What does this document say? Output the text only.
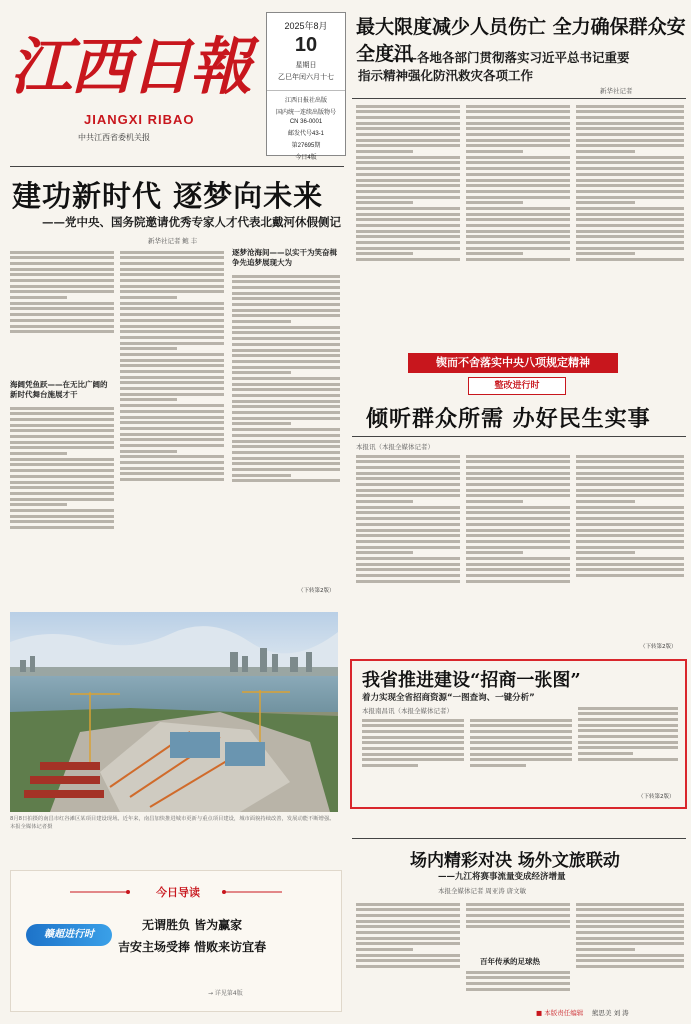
江西日報
JIANGXI RIBAO
中共江西省委机关报
2025年8月
10
星期日
乙巳年闰六月十七
江西日报社出版
国内统一连续出版物号
CN 36-0001
邮发代号43-1
第27695期
今日4版
最大限度减少人员伤亡 全力确保群众安全度汛
——各地各部门贯彻落实习近平总书记重要
指示精神强化防汛救灾各项工作
新华社记者
建功新时代 逐梦向未来
——党中央、国务院邀请优秀专家人才代表北戴河休假侧记
新华社记者 鲍 丰
海阔凭鱼跃——在无比广阔的新时代舞台施展才干
逐梦沧海间——以实干为笑奋楫争先追梦展现大为
（下转第2版）
锲而不舍落实中央八项规定精神
整改进行时
倾听群众所需 办好民生实事
本报讯（本报全媒体记者）
（下转第2版）
8月8日拍摄的南昌市红谷滩区某项目建设现场。近年来，南昌加快推进城市更新与重点项目建设，城市面貌持续改善，发展动能不断增强。本报全媒体记者摄
我省推进建设“招商一张图”
着力实现全省招商资源“一图查询、一键分析”
本报南昌讯（本报全媒体记者）
（下转第2版）
场内精彩对决 场外文旅联动
——九江将赛事流量变成经济增量
本报全媒体记者 周亚涛 唐文敏
百年传承的足球热
今日导读
赣超进行时
无谓胜负 皆为赢家
吉安主场受捧 惜败来访宜春
→ 详见第4版
■ 本版责任编辑 熊思美 刘 涛
